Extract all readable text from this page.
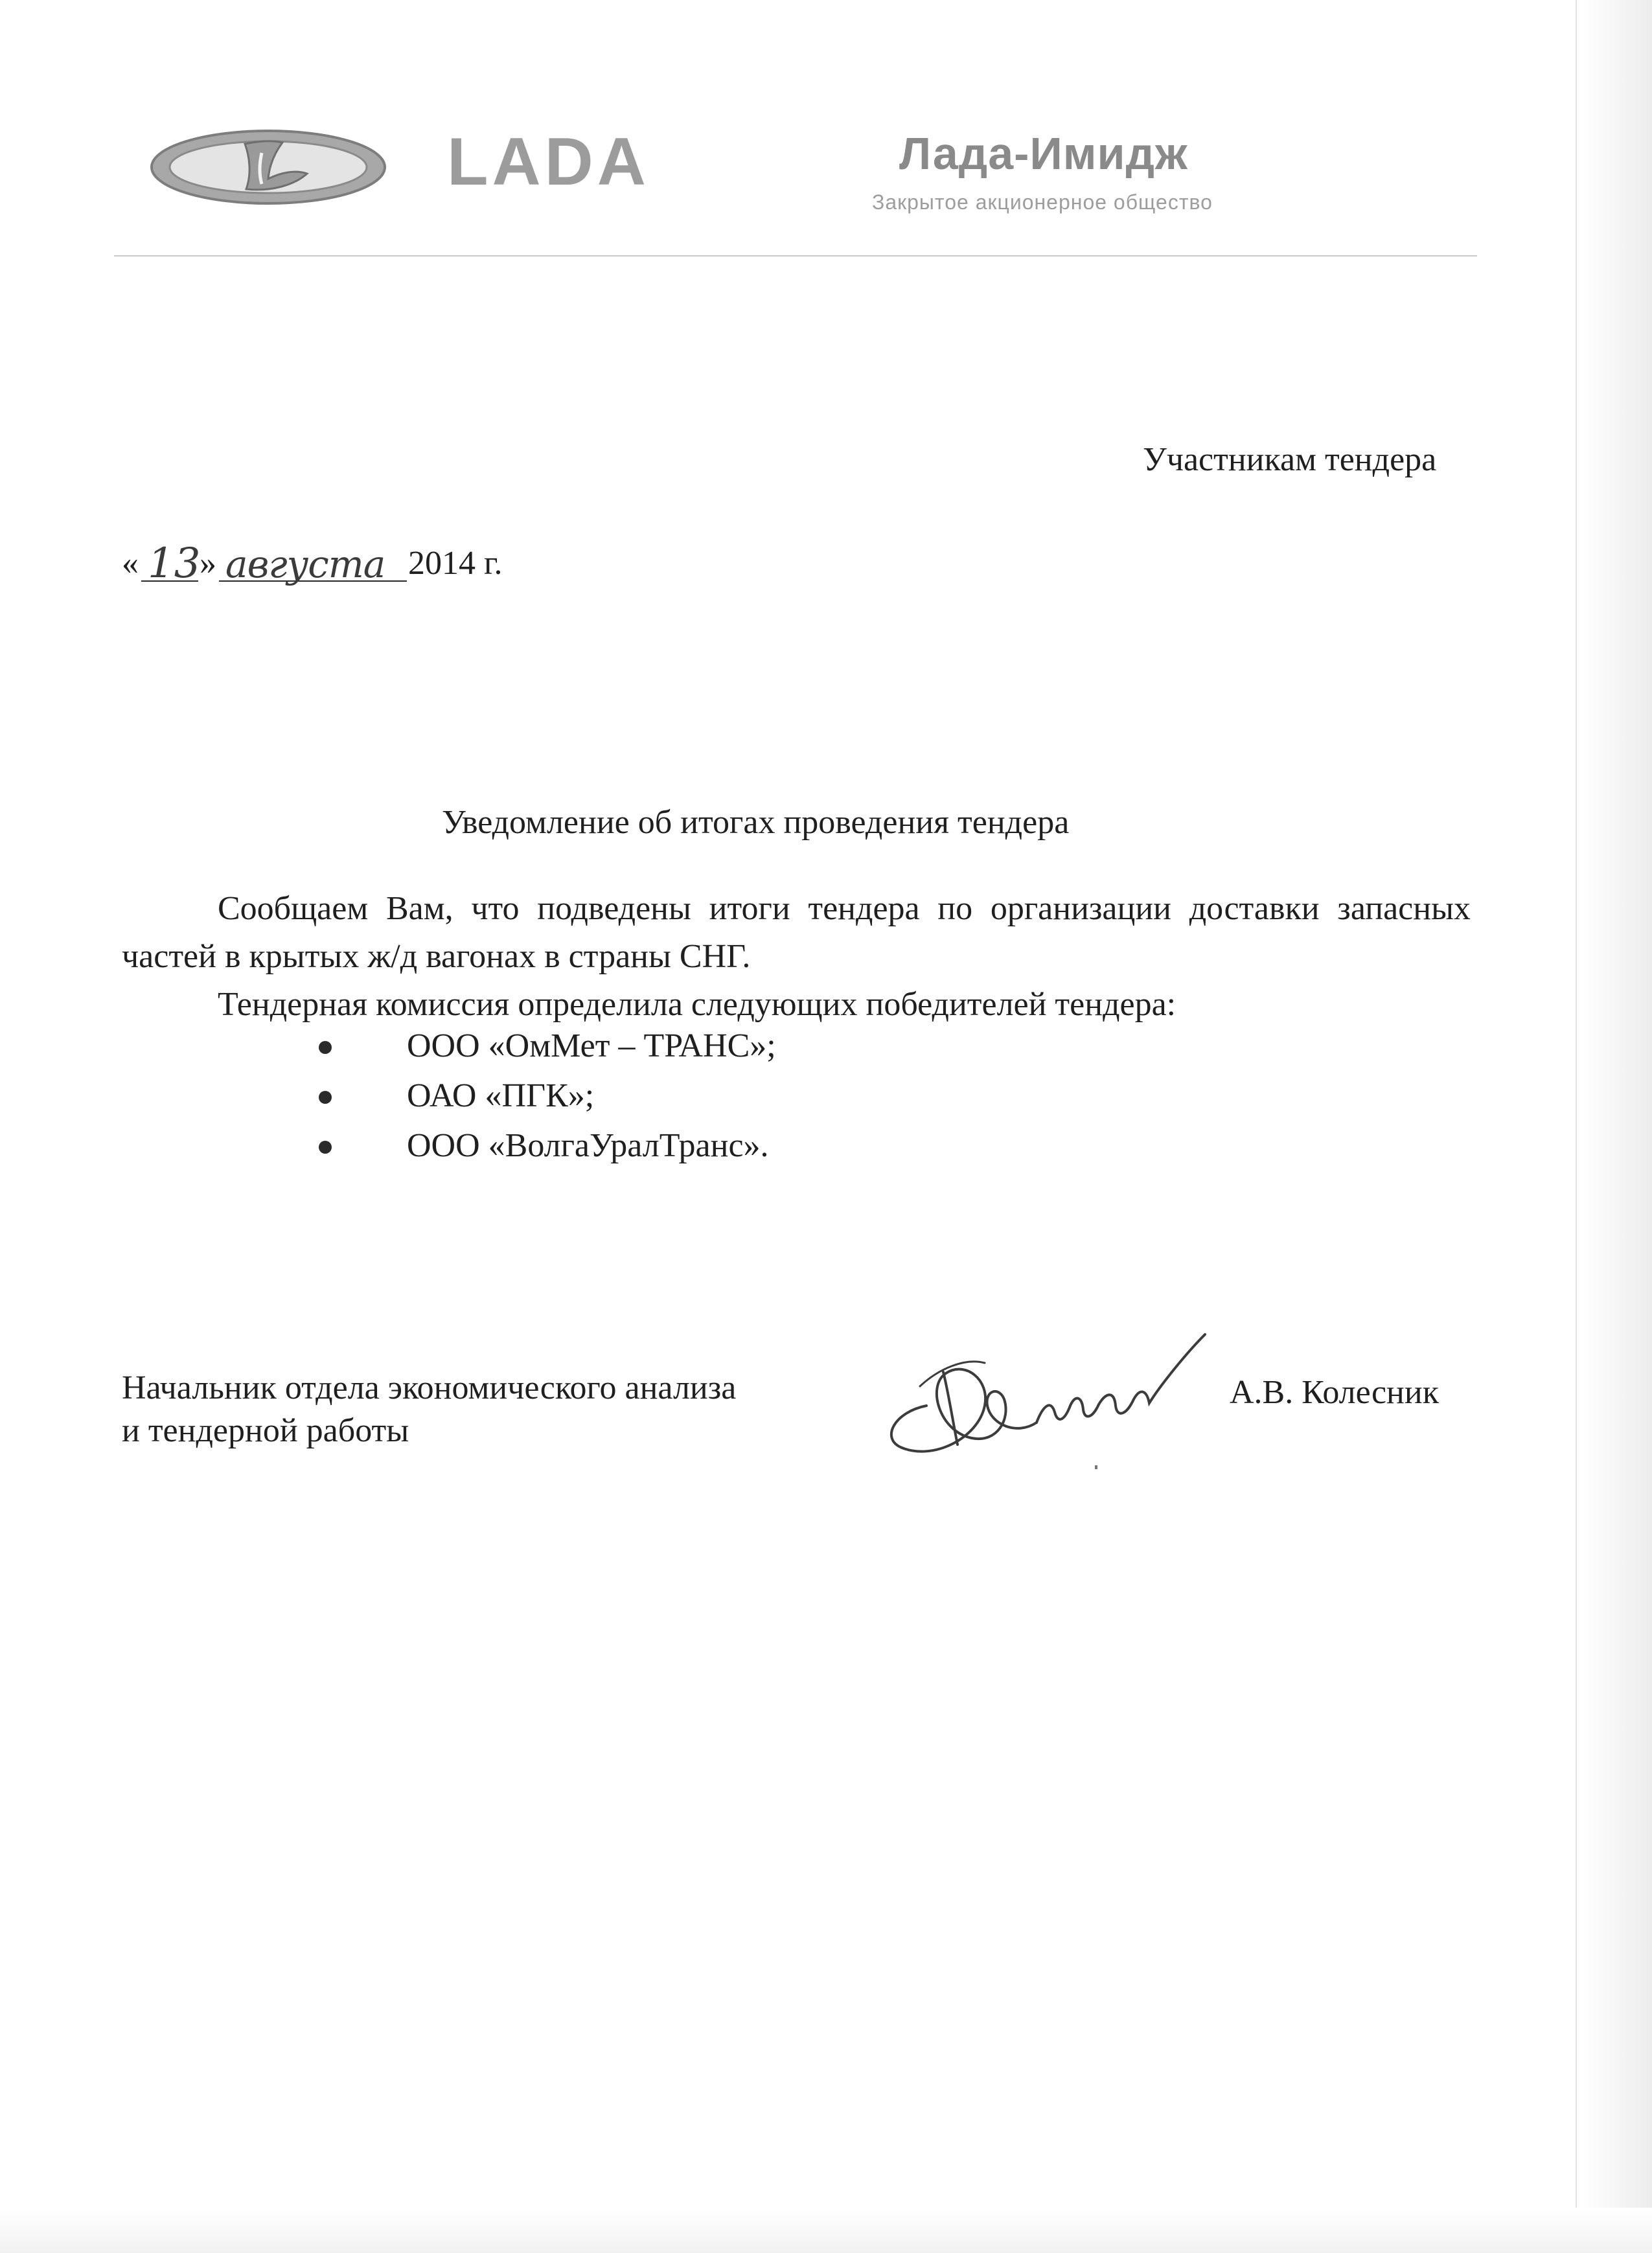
LADA	Лада-Имидж
Закрытое акционерное общество
Участникам тендера
« 13
» августа 2014 г.
Уведомление об итогах проведения тендера
Сообщаем Вам, что подведены итоги тендера по организации доставки запасных частей в крытых ж/д вагонах в страны СНГ.
Тендерная комиссия определила следующих победителей тендера:
ООО «ОмМет – ТРАНС»;
ОАО «ПГК»;
ООО «ВолгаУралТранс».
Начальник отдела экономического анализа
и тендерной работы
А.В. Колесник
